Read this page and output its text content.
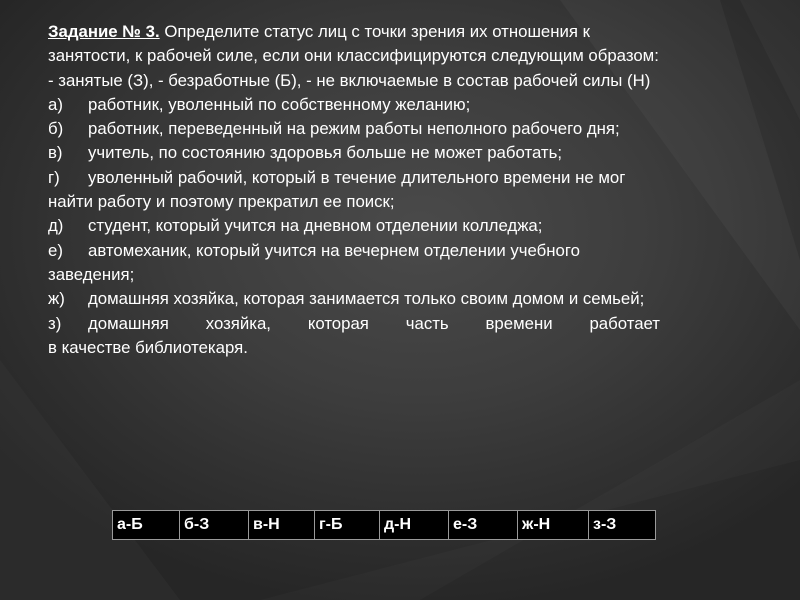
Задание № 3. Определите статус лиц с точки зрения их отношения к занятости, к рабочей силе, если они классифицируются следующим образом: - занятые (З), - безработные (Б), - не включаемые в состав рабочей силы (Н)

а) работник, уволенный по собственному желанию;

б) работник, переведенный на режим работы неполного рабочего дня;

в) учитель, по состоянию здоровья больше не может работать;

г) уволенный рабочий, который в течение длительного времени не мог найти работу и поэтому прекратил ее поиск;

д) студент, который учится на дневном отделении колледжа;

е) автомеханик, который учится на вечернем отделении учебного заведения;

ж) домашняя хозяйка, которая занимается только своим домом и семьей;

з) домашняя хозяйка, которая часть времени работает

в качестве библиотекаря.

а-Б	б-З	в-Н	г-Б	д-Н	е-З	ж-Н	з-З
